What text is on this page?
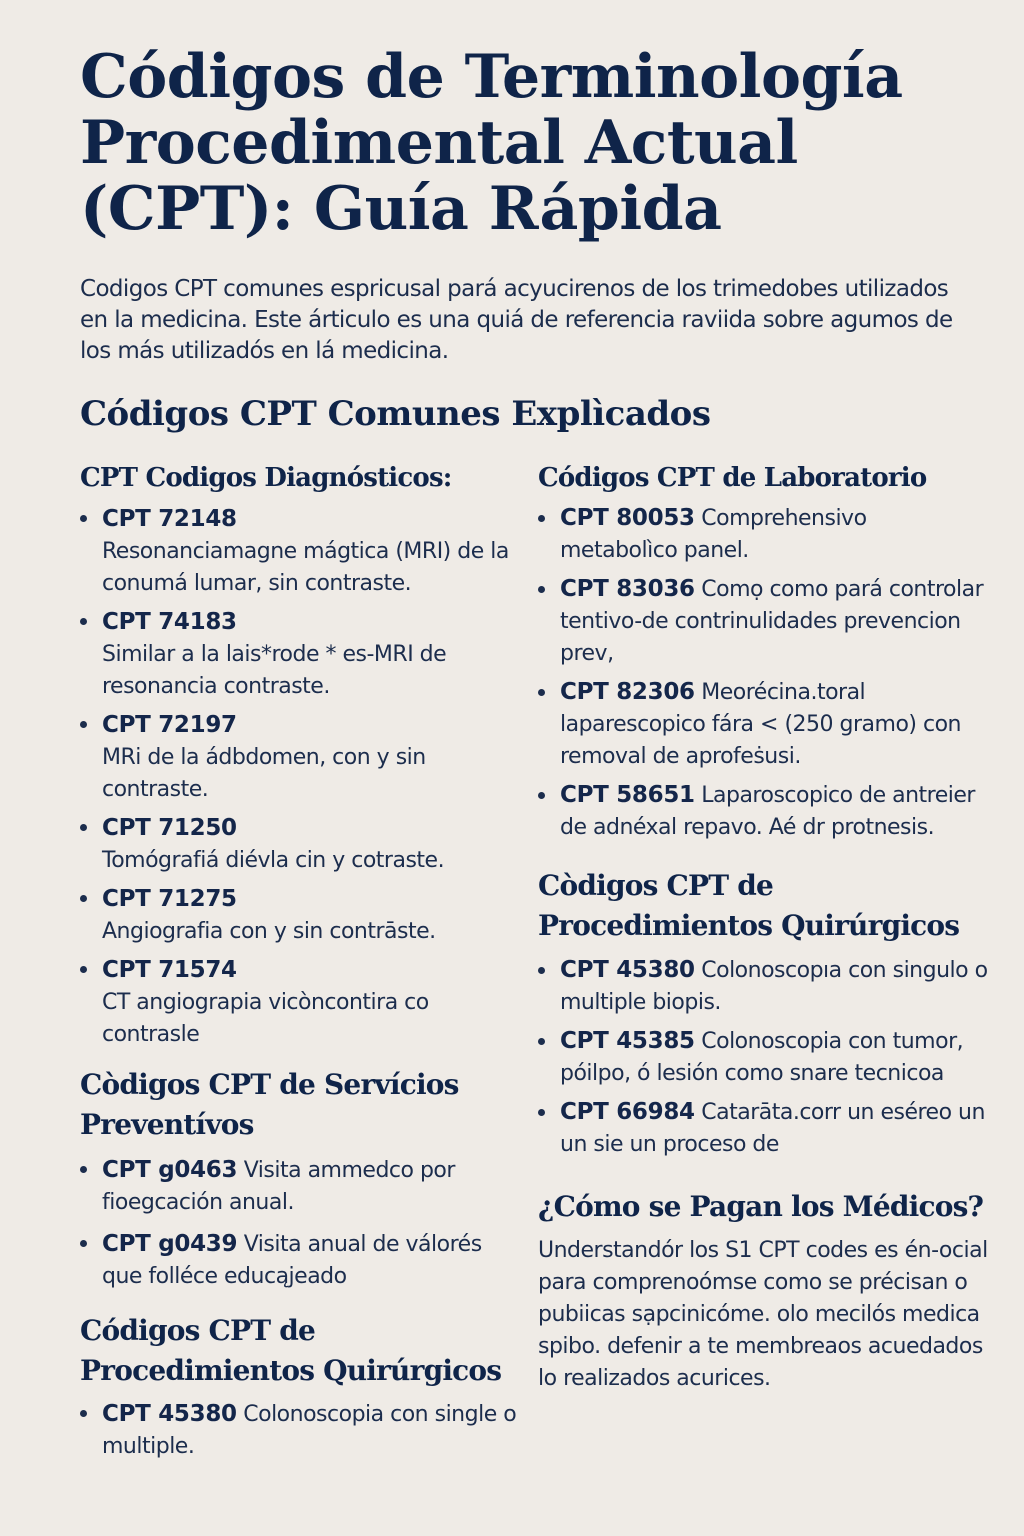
Códigos de Terminología Procedimental Actual (CPT): Guía Rápida

Codigos CPT comunes espricusal pará acyucirenos de los trimedobes utilizados en la medicina. Este árticulo es una quiá de referencia raviida sobre agumos de los más utilizadós en lá medicina.

Códigos CPT Comunes Explìcados
CPT Codigos Diagnósticos:
CPT 72148
Resonanciamagne mágtica (MRI) de la conumá lumar, sin contraste.
CPT 74183
Similar a la lais*rode * es-MRI de resonancia contraste.
CPT 72197
MRi de la ádbdomen, con y sin contraste.
CPT 71250
Tomógrafiá diévla cin y cotraste.
CPT 71275
Angiografia con y sin contrāste.
CPT 71574
CT angiograpia vicòncontira co contrasle
Còdigos CPT de Servícios Preventívos
CPT g0463 Visita ammedco por fioegcación anual.
CPT g0439 Visita anual de válorés que folléce educąjeado
Códigos CPT de Procedimientos Quirúrgicos
CPT 45380 Colonoscopia con single o multiple.
Códigos CPT de Laboratorio
CPT 80053 Comprehensivo metabolìco panel.
CPT 83036 Comọ como pará controlar tentivo-de contrinulidades prevencion prev,
CPT 82306 Meorécina.toral laparescopico fára < (250 gramo) con removal de aprofeṡusi.
CPT 58651 Laparoscopico de antreier de adnéxal repavo. Aé dr protnesis.
Còdigos CPT de Procedimientos Quirúrgicos
CPT 45380 Colonoscopıa con singulo o multiple biopis.
CPT 45385 Colonoscopia con tumor, póilpo, ó lesión como snare tecnicoa
CPT 66984 Catarāta.corr un eséreo un un sie un proceso de
¿Cómo se Pagan los Médicos?

Understandór los S1 CPT codes es én-ocial para comprenoómse como se précisan o pubiicas sạpcinicóme. olo mecilós medica spibo. defenir a te membreaos acuedados lo realizados acurices.
